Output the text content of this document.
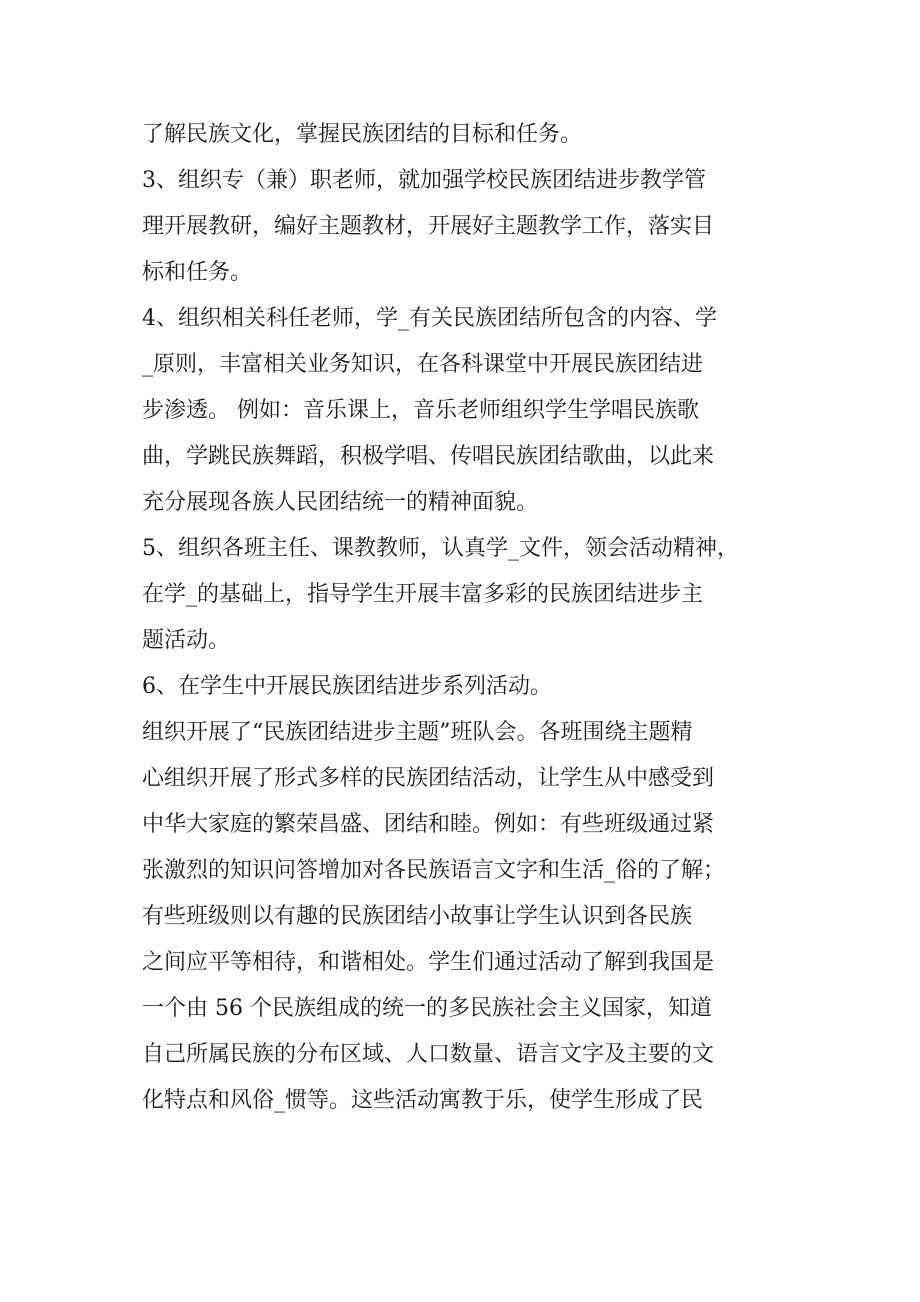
了解民族文化，掌握民族团结的目标和任务。
3、组织专（兼）职老师，就加强学校民族团结进步教学管
理开展教研，编好主题教材，开展好主题教学工作，落实目
标和任务。
4、组织相关科任老师，学_有关民族团结所包含的内容、学
_原则，丰富相关业务知识，在各科课堂中开展民族团结进
步渗透。 例如：音乐课上，音乐老师组织学生学唱民族歌
曲，学跳民族舞蹈，积极学唱、传唱民族团结歌曲，以此来
充分展现各族人民团结统一的精神面貌。
5、组织各班主任、课教教师，认真学_文件，领会活动精神，
在学_的基础上，指导学生开展丰富多彩的民族团结进步主
题活动。
6、在学生中开展民族团结进步系列活动。
组织开展了“民族团结进步主题”班队会。各班围绕主题精
心组织开展了形式多样的民族团结活动，让学生从中感受到
中华大家庭的繁荣昌盛、团结和睦。例如：有些班级通过紧
张激烈的知识问答增加对各民族语言文字和生活_俗的了解；
有些班级则以有趣的民族团结小故事让学生认识到各民族
之间应平等相待，和谐相处。学生们通过活动了解到我国是
一个由 56 个民族组成的统一的多民族社会主义国家，知道
自己所属民族的分布区域、人口数量、语言文字及主要的文
化特点和风俗_惯等。这些活动寓教于乐，使学生形成了民
